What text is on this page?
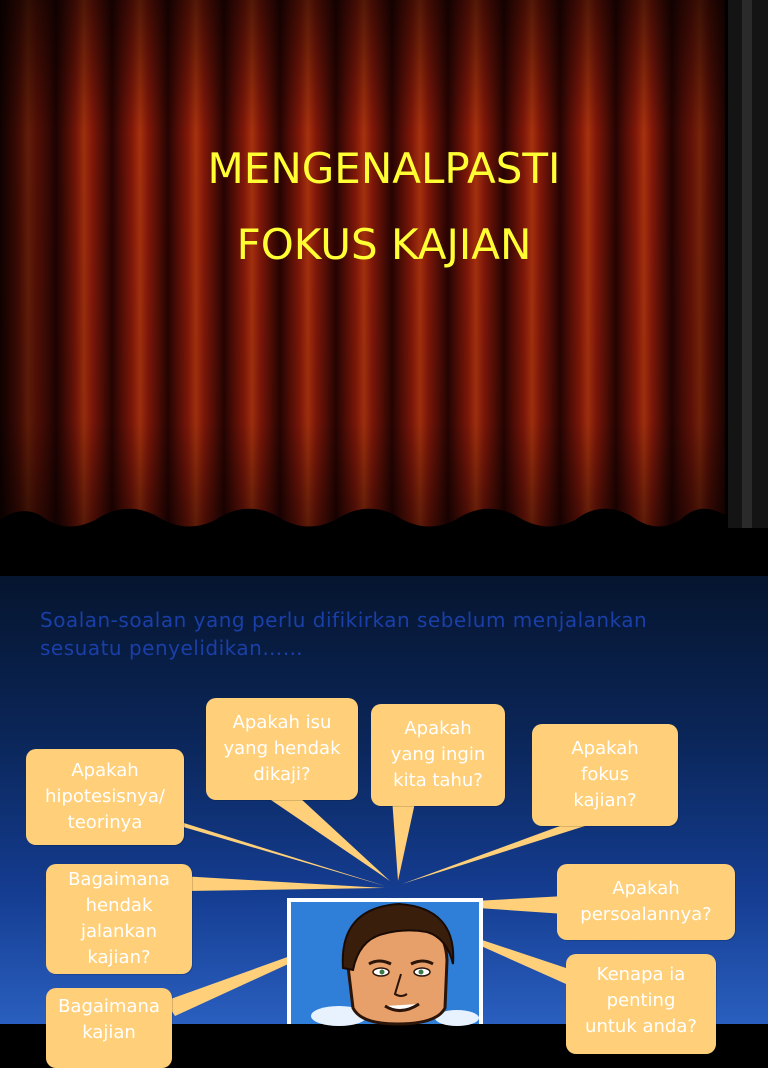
MENGENALPASTI
FOKUS KAJIAN
Soalan-soalan yang perlu difikirkan sebelum menjalankan
sesuatu penyelidikan……
Apakah isu
yang hendak
dikaji?
Apakah
yang ingin
kita tahu?
Apakah
fokus
kajian?
Apakah
hipotesisnya/
teorinya
Bagaimana
hendak
jalankan
kajian?
Apakah
persoalannya?
Kenapa ia
penting
untuk anda?
Bagaimana
kajian
